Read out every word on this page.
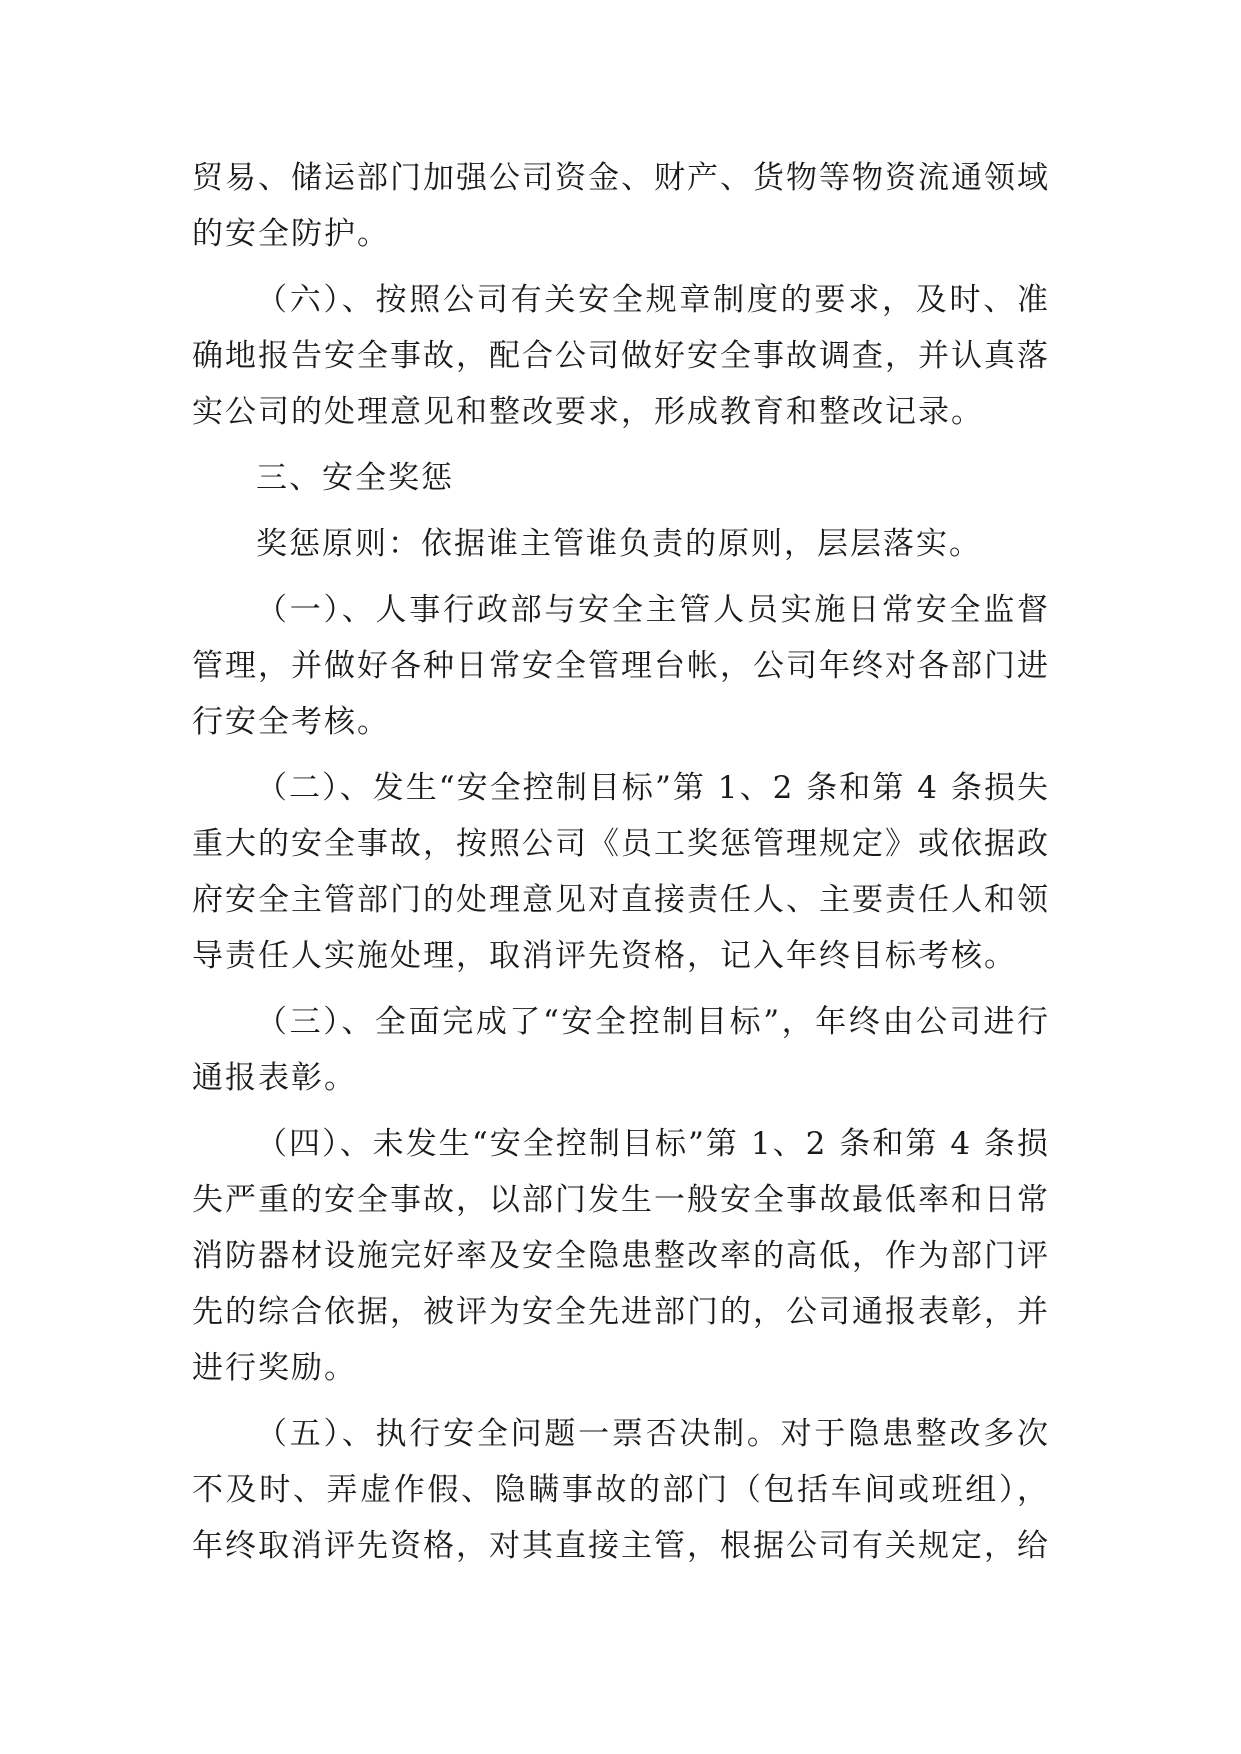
贸易、储运部门加强公司资金、财产、货物等物资流通领域
的安全防护。
（六）、按照公司有关安全规章制度的要求，及时、准
确地报告安全事故，配合公司做好安全事故调查，并认真落
实公司的处理意见和整改要求，形成教育和整改记录。
三、安全奖惩
奖惩原则：依据谁主管谁负责的原则，层层落实。
（一）、人事行政部与安全主管人员实施日常安全监督
管理，并做好各种日常安全管理台帐，公司年终对各部门进
行安全考核。
（二）、发生“安全控制目标”第 1、2 条和第 4 条损失
重大的安全事故，按照公司《员工奖惩管理规定》或依据政
府安全主管部门的处理意见对直接责任人、主要责任人和领
导责任人实施处理，取消评先资格，记入年终目标考核。
（三）、全面完成了“安全控制目标”，年终由公司进行
通报表彰。
（四）、未发生“安全控制目标”第 1、2 条和第 4 条损
失严重的安全事故，以部门发生一般安全事故最低率和日常
消防器材设施完好率及安全隐患整改率的高低，作为部门评
先的综合依据，被评为安全先进部门的，公司通报表彰，并
进行奖励。
（五）、执行安全问题一票否决制。对于隐患整改多次
不及时、弄虚作假、隐瞒事故的部门（包括车间或班组），
年终取消评先资格，对其直接主管，根据公司有关规定，给
